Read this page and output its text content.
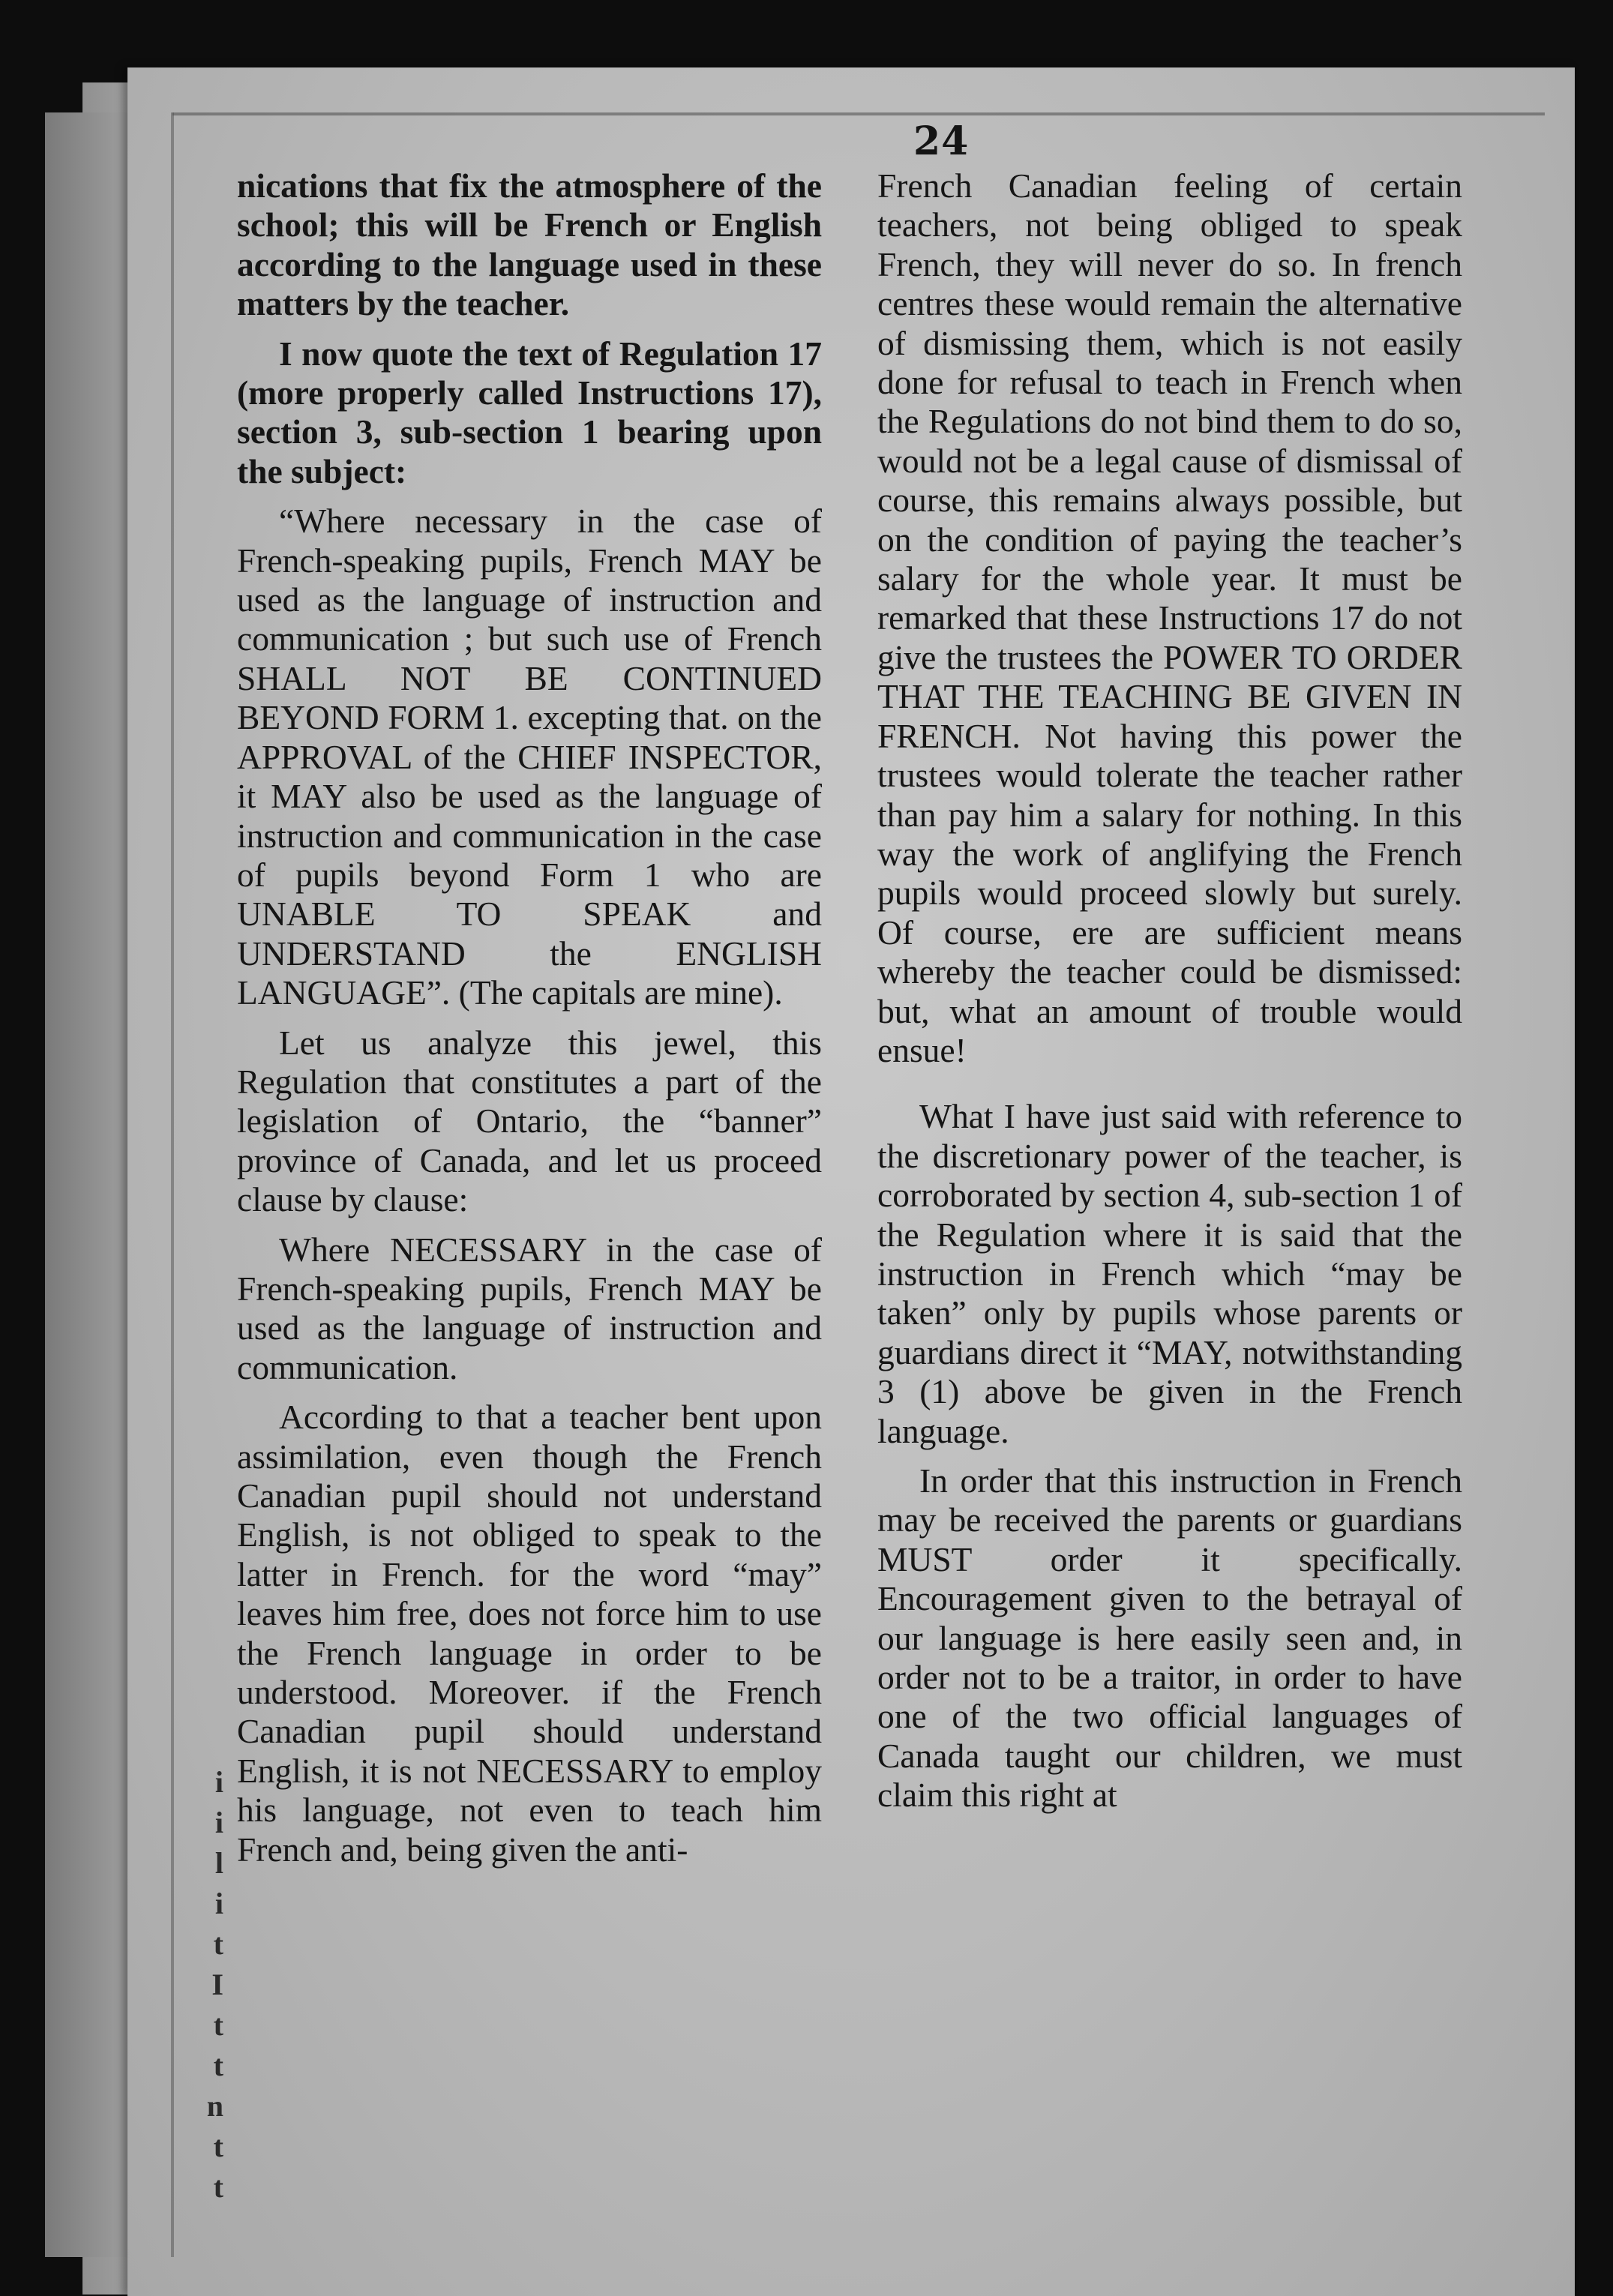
24

nications that fix the atmosphere of the school; this will be French or English according to the language used in these matters by the teacher.

I now quote the text of Regulation 17 (more properly called Instructions 17), section 3, sub-section 1 bearing upon the subject:

“Where necessary in the case of French-speaking pupils, French MAY be used as the language of instruction and communication ; but such use of French SHALL NOT BE CONTINUED BEYOND FORM 1. excepting that. on the APPROVAL of the CHIEF INSPECTOR, it MAY also be used as the language of instruction and communication in the case of pupils beyond Form 1 who are UNABLE TO SPEAK and UNDERSTAND the ENGLISH LANGUAGE”. (The capitals are mine).

Let us analyze this jewel, this Regulation that constitutes a part of the legislation of Ontario, the “banner” province of Canada, and let us proceed clause by clause:

Where NECESSARY in the case of French-speaking pupils, French MAY be used as the language of instruction and communication.

According to that a teacher bent upon assimilation, even though the French Canadian pupil should not understand English, is not obliged to speak to the latter in French. for the word “may” leaves him free, does not force him to use the French language in order to be understood. Moreover. if the French Canadian pupil should understand English, it is not NECESSARY to employ his language, not even to teach him French and, being given the anti-

French Canadian feeling of certain teachers, not being obliged to speak French, they will never do so. In french centres these would remain the alternative of dismissing them, which is not easily done for refusal to teach in French when the Regulations do not bind them to do so, would not be a legal cause of dismissal of course, this remains always possible, but on the condition of paying the teacher’s salary for the whole year. It must be remarked that these Instructions 17 do not give the trustees the POWER TO ORDER THAT THE TEACHING BE GIVEN IN FRENCH. Not having this power the trustees would tolerate the teacher rather than pay him a salary for nothing. In this way the work of anglifying the French pupils would proceed slowly but surely. Of course, ere are sufficient means whereby the teacher could be dismissed: but, what an amount of trouble would ensue!

What I have just said with reference to the discretionary power of the teacher, is corroborated by section 4, sub-section 1 of the Regulation where it is said that the instruction in French which “may be taken” only by pupils whose parents or guardians direct it “MAY, notwithstanding 3 (1) above be given in the French language.

In order that this instruction in French may be received the parents or guardians MUST order it specifically. Encouragement given to the betrayal of our language is here easily seen and, in order not to be a traitor, in order to have one of the two official languages of Canada taught our children, we must claim this right at

i
i
l
i
t
I
t
t
n
t
t
